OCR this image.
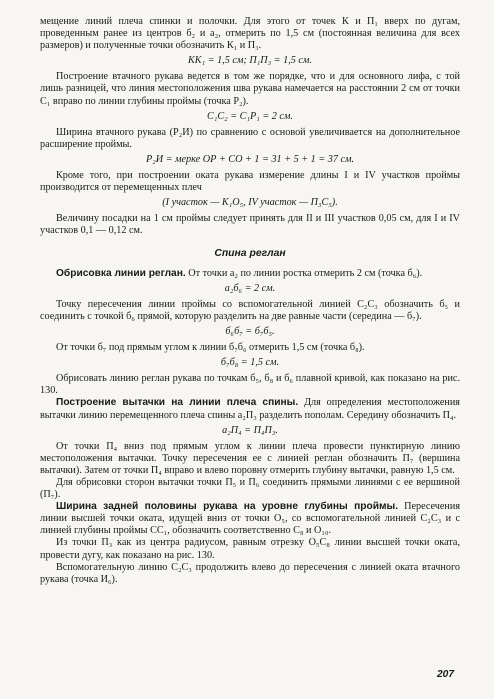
мещение линий плеча спинки и полочки. Для этого от точек К и П₁ вверх по дугам, проведенным ранее из центров б₂ и а₂, отмерить по 1,5 см (постоянная величина для всех размеров) и полученные точки обозначить К₁ и П₃.

КК₁ = 1,5 см; П₁П₃ = 1,5 см.

Построение втачного рукава ведется в том же порядке, что и для основного лифа, с той лишь разницей, что линия местоположения шва рукава намечается на расстоянии 2 см от точки С₁ вправо по линии глубины проймы (точка Р₂).

С₁С₂ = С₁Р₁ = 2 см.

Ширина втачного рукава (Р₂И) по сравнению с основой увеличивается на дополнительное расширение проймы.

Р₂И = мерке ОР + СО + 1 = 31 + 5 + 1 = 37 см.

Кроме того, при построении оката рукава измерение длины I и IV участков проймы производится от перемещенных плеч

(I участок — К₁О₅, IV участок — П₃С₅).

Величину посадки на 1 см проймы следует принять для II и III участков 0,05 см, для I и IV участков 0,1 — 0,12 см.

Спина реглан

Обрисовка линии реглан. От точки а₂ по линии ростка отмерить 2 см (точка б₆).

а₂б₆ = 2 см.

Точку пересечения линии проймы со вспомогательной линией С₂С₃ обозначить б₅ и соединить с точкой б₆ прямой, которую разделить на две равные части (середина — б₇).

б₆б₇ = б₇б₅.

От точки б₇ под прямым углом к линии б₇б₆ отмерить 1,5 см (точка б₈).

б₇б₈ = 1,5 см.

Обрисовать линию реглан рукава по точкам б₅, б₈ и б₆ плавной кривой, как показано на рис. 130.

Построение вытачки на линии плеча спины. Для определения местоположения вытачки линию перемещенного плеча спины а₂П₃ разделить пополам. Середину обозначить П₄.

а₂П₄ = П₄П₃.

От точки П₄ вниз под прямым углом к линии плеча провести пунктирную линию местоположения вытачки. Точку пересечения ее с линией реглан обозначить П₇ (вершина вытачки). Затем от точки П₄ вправо и влево поровну отмерить глубину вытачки, равную 1,5 см.

Для обрисовки сторон вытачки точки П₅ и П₆ соединить прямыми линиями с ее вершиной (П₇).

Ширина задней половины рукава на уровне глубины проймы. Пересечения линии высшей точки оката, идущей вниз от точки О₅, со вспомогательной линией С₂С₃ и с линией глубины проймы СС₁, обозначить соответственно С₈ и О₁₀.

Из точки П₃ как из центра радиусом, равным отрезку О₅С₈ линии высшей точки оката, провести дугу, как показано на рис. 130.

Вспомогательную линию С₂С₃ продолжить влево до пересечения с линией оката втачного рукава (точка И₆).

207
